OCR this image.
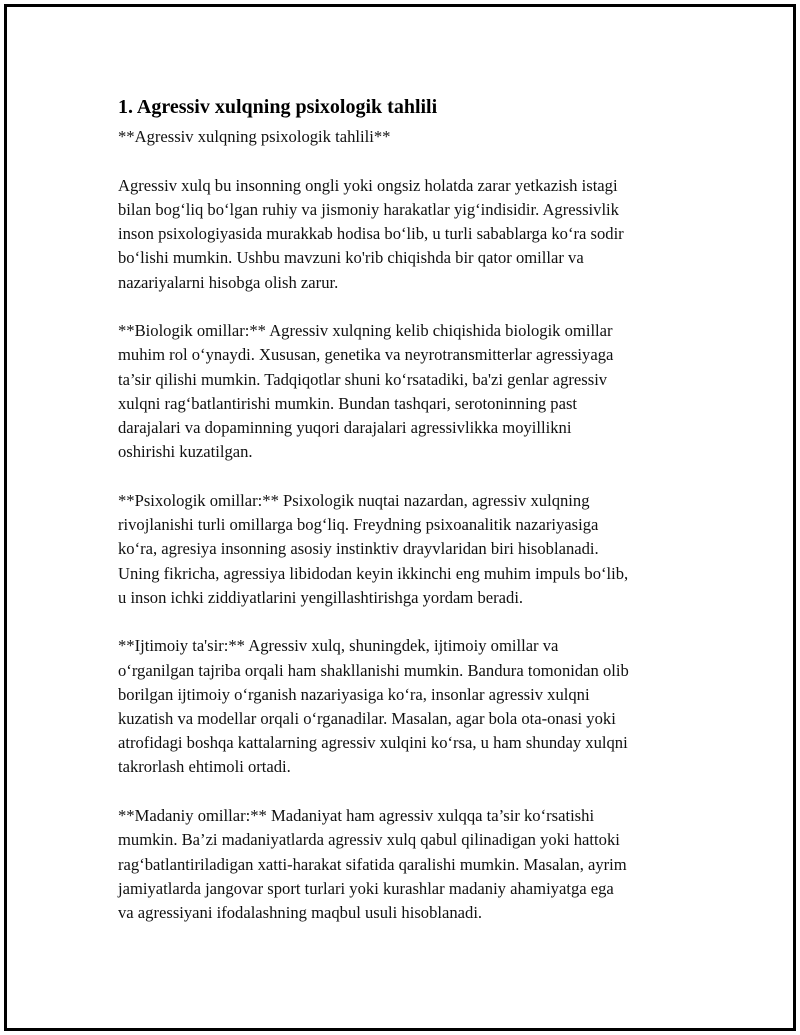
1. Agressiv xulqning psixologik tahlili
**Agressiv xulqning psixologik tahlili**
Agressiv xulq bu insonning ongli yoki ongsiz holatda zarar yetkazish istagi
bilan bog‘liq bo‘lgan ruhiy va jismoniy harakatlar yig‘indisidir. Agressivlik
inson psixologiyasida murakkab hodisa bo‘lib, u turli sabablarga ko‘ra sodir
bo‘lishi mumkin. Ushbu mavzuni ko'rib chiqishda bir qator omillar va
nazariyalarni hisobga olish zarur.
**Biologik omillar:** Agressiv xulqning kelib chiqishida biologik omillar
muhim rol o‘ynaydi. Xususan, genetika va neyrotransmitterlar agressiyaga
ta’sir qilishi mumkin. Tadqiqotlar shuni ko‘rsatadiki, ba'zi genlar agressiv
xulqni rag‘batlantirishi mumkin. Bundan tashqari, serotoninning past
darajalari va dopaminning yuqori darajalari agressivlikka moyillikni
oshirishi kuzatilgan.
**Psixologik omillar:** Psixologik nuqtai nazardan, agressiv xulqning
rivojlanishi turli omillarga bog‘liq. Freydning psixoanalitik nazariyasiga
ko‘ra, agresiya insonning asosiy instinktiv drayvlaridan biri hisoblanadi.
Uning fikricha, agressiya libidodan keyin ikkinchi eng muhim impuls bo‘lib,
u inson ichki ziddiyatlarini yengillashtirishga yordam beradi.
**Ijtimoiy ta'sir:** Agressiv xulq, shuningdek, ijtimoiy omillar va
o‘rganilgan tajriba orqali ham shakllanishi mumkin. Bandura tomonidan olib
borilgan ijtimoiy o‘rganish nazariyasiga ko‘ra, insonlar agressiv xulqni
kuzatish va modellar orqali o‘rganadilar. Masalan, agar bola ota-onasi yoki
atrofidagi boshqa kattalarning agressiv xulqini ko‘rsa, u ham shunday xulqni
takrorlash ehtimoli ortadi.
**Madaniy omillar:** Madaniyat ham agressiv xulqqa ta’sir ko‘rsatishi
mumkin. Ba’zi madaniyatlarda agressiv xulq qabul qilinadigan yoki hattoki
rag‘batlantiriladigan xatti-harakat sifatida qaralishi mumkin. Masalan, ayrim
jamiyatlarda jangovar sport turlari yoki kurashlar madaniy ahamiyatga ega
va agressiyani ifodalashning maqbul usuli hisoblanadi.
